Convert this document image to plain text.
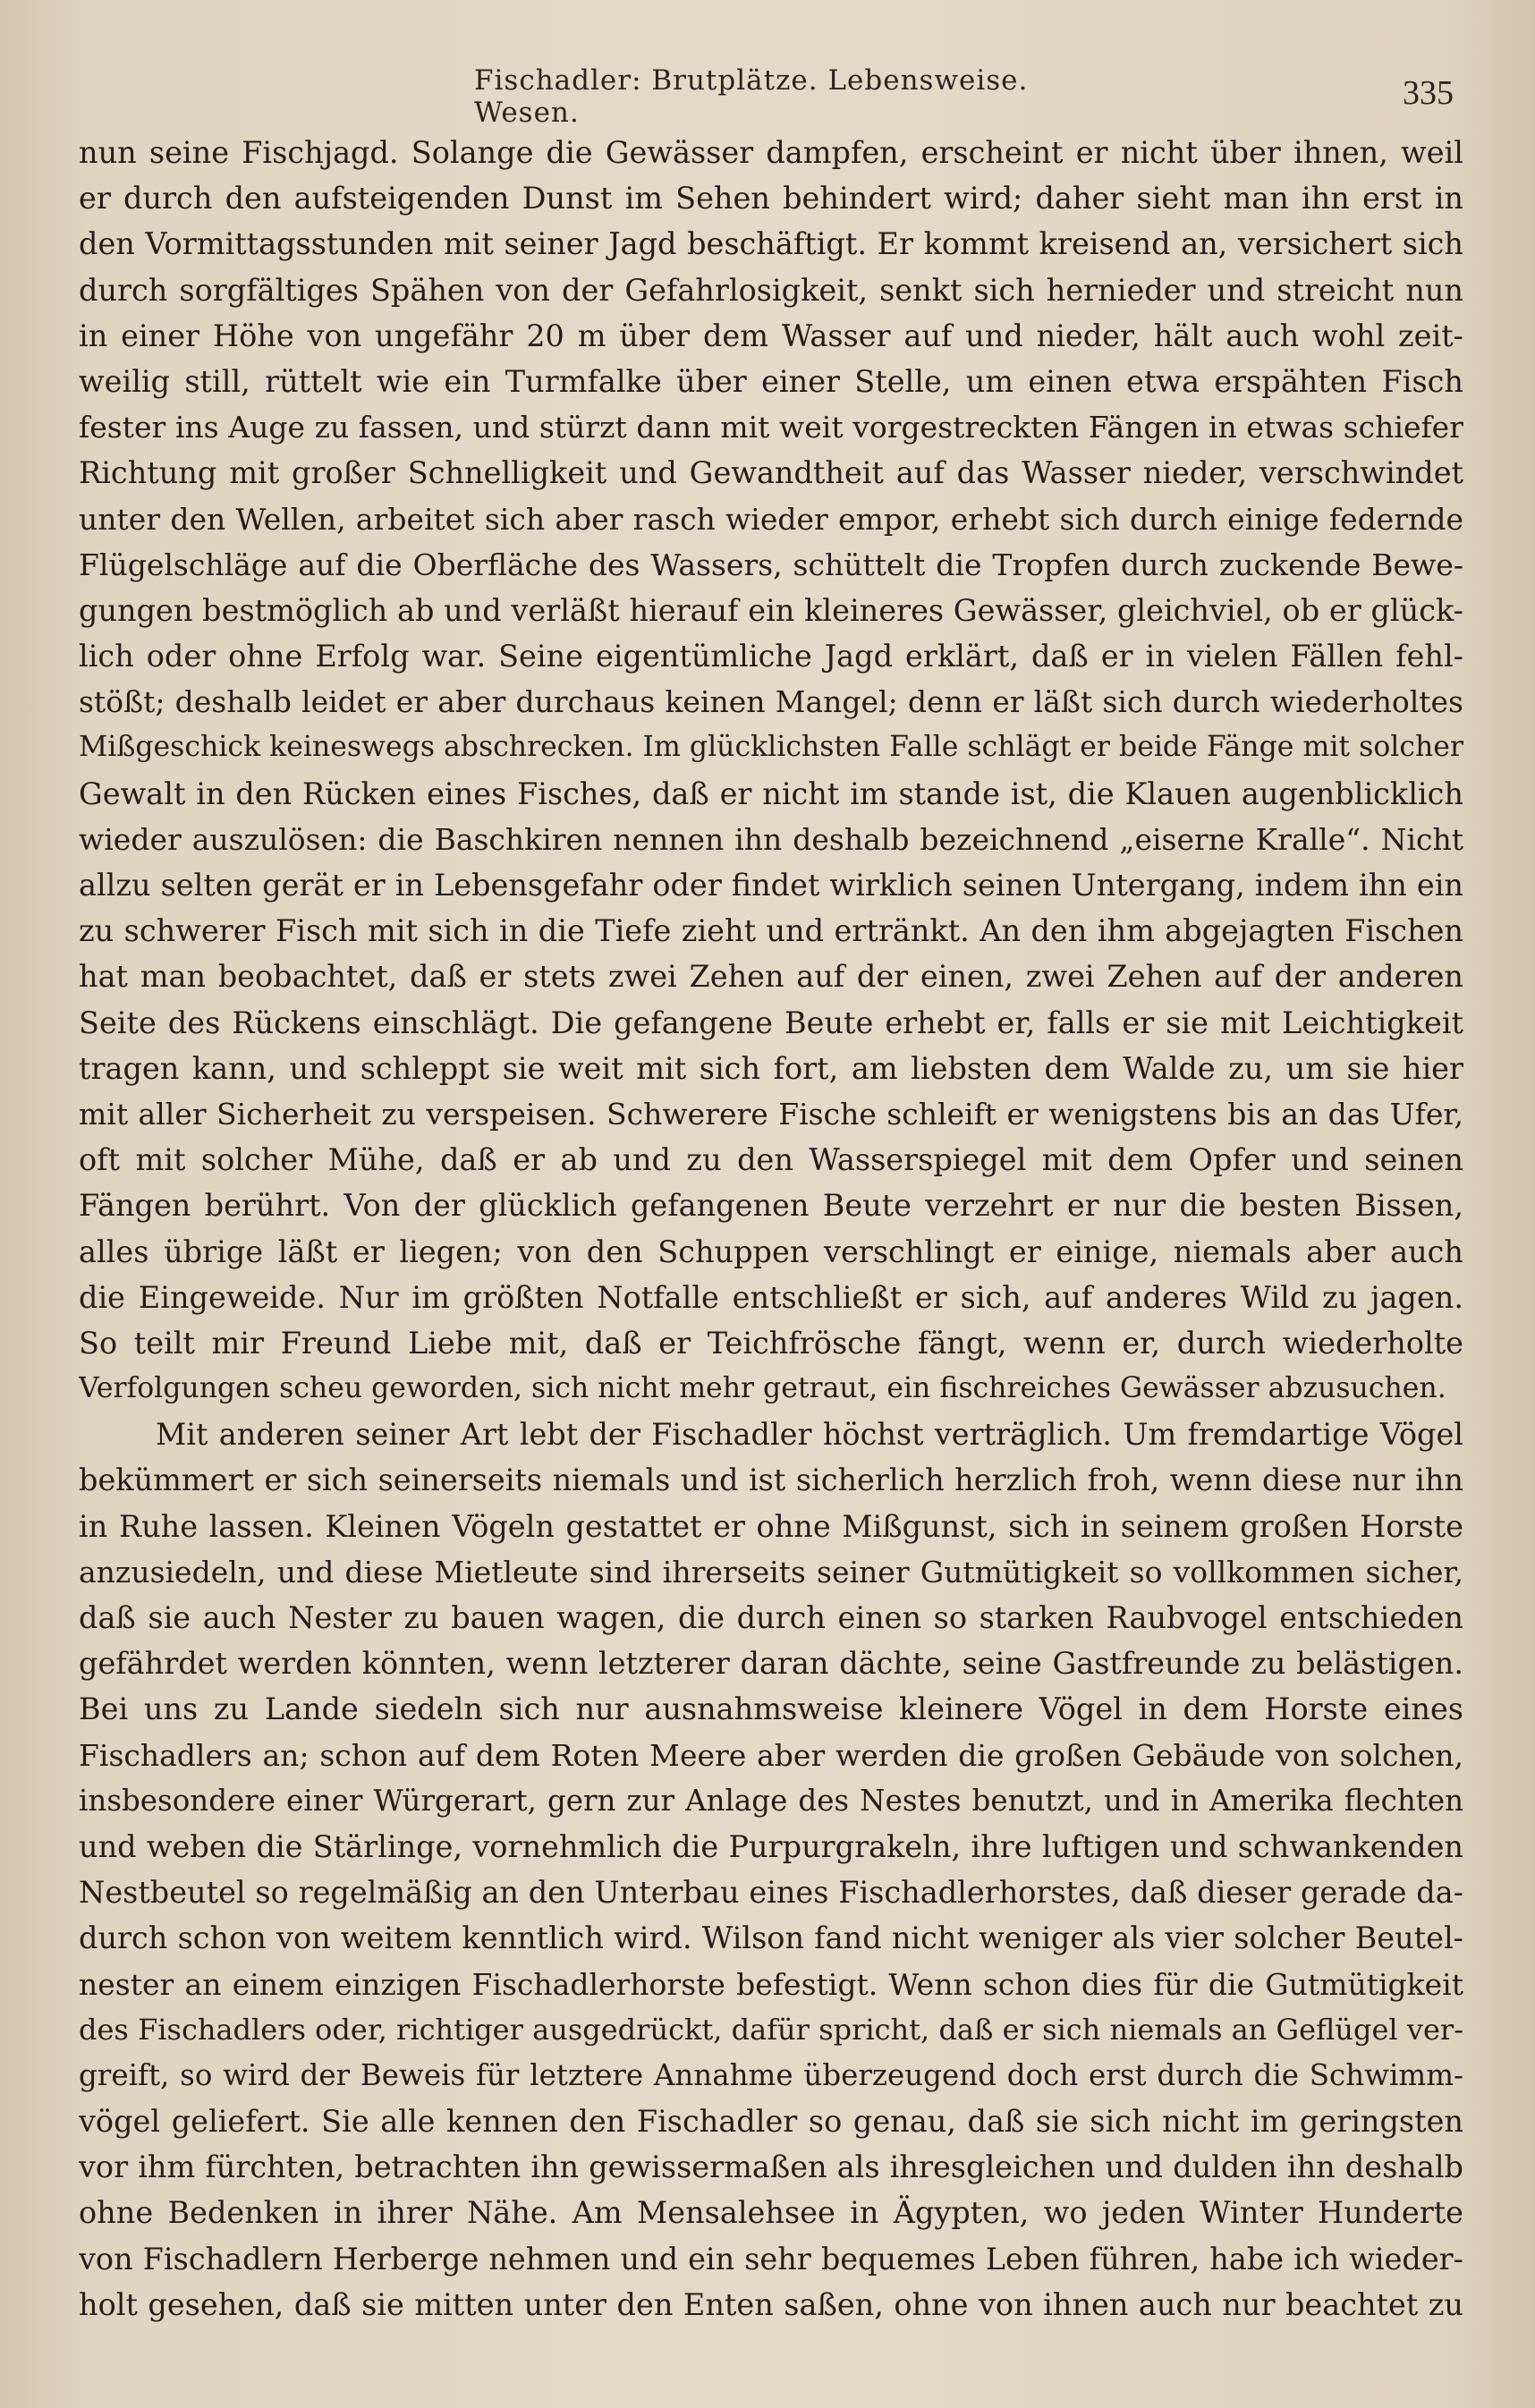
Fischadler: Brutplätze. Lebensweise. Wesen.
335
nun seine Fischjagd. Solange die Gewässer dampfen, erscheint er nicht über ihnen, weil
er durch den aufsteigenden Dunst im Sehen behindert wird; daher sieht man ihn erst in
den Vormittagsstunden mit seiner Jagd beschäftigt. Er kommt kreisend an, versichert sich
durch sorgfältiges Spähen von der Gefahrlosigkeit, senkt sich hernieder und streicht nun
in einer Höhe von ungefähr 20 m über dem Wasser auf und nieder, hält auch wohl zeit-
weilig still, rüttelt wie ein Turmfalke über einer Stelle, um einen etwa erspähten Fisch
fester ins Auge zu fassen, und stürzt dann mit weit vorgestreckten Fängen in etwas schiefer
Richtung mit großer Schnelligkeit und Gewandtheit auf das Wasser nieder, verschwindet
unter den Wellen, arbeitet sich aber rasch wieder empor, erhebt sich durch einige federnde
Flügelschläge auf die Oberfläche des Wassers, schüttelt die Tropfen durch zuckende Bewe-
gungen bestmöglich ab und verläßt hierauf ein kleineres Gewässer, gleichviel, ob er glück-
lich oder ohne Erfolg war. Seine eigentümliche Jagd erklärt, daß er in vielen Fällen fehl-
stößt; deshalb leidet er aber durchaus keinen Mangel; denn er läßt sich durch wiederholtes
Mißgeschick keineswegs abschrecken. Im glücklichsten Falle schlägt er beide Fänge mit solcher
Gewalt in den Rücken eines Fisches, daß er nicht im stande ist, die Klauen augenblicklich
wieder auszulösen: die Baschkiren nennen ihn deshalb bezeichnend „eiserne Kralle“. Nicht
allzu selten gerät er in Lebensgefahr oder findet wirklich seinen Untergang, indem ihn ein
zu schwerer Fisch mit sich in die Tiefe zieht und ertränkt. An den ihm abgejagten Fischen
hat man beobachtet, daß er stets zwei Zehen auf der einen, zwei Zehen auf der anderen
Seite des Rückens einschlägt. Die gefangene Beute erhebt er, falls er sie mit Leichtigkeit
tragen kann, und schleppt sie weit mit sich fort, am liebsten dem Walde zu, um sie hier
mit aller Sicherheit zu verspeisen. Schwerere Fische schleift er wenigstens bis an das Ufer,
oft mit solcher Mühe, daß er ab und zu den Wasserspiegel mit dem Opfer und seinen
Fängen berührt. Von der glücklich gefangenen Beute verzehrt er nur die besten Bissen,
alles übrige läßt er liegen; von den Schuppen verschlingt er einige, niemals aber auch
die Eingeweide. Nur im größten Notfalle entschließt er sich, auf anderes Wild zu jagen.
So teilt mir Freund Liebe mit, daß er Teichfrösche fängt, wenn er, durch wiederholte
Verfolgungen scheu geworden, sich nicht mehr getraut, ein fischreiches Gewässer abzusuchen.
Mit anderen seiner Art lebt der Fischadler höchst verträglich. Um fremdartige Vögel
bekümmert er sich seinerseits niemals und ist sicherlich herzlich froh, wenn diese nur ihn
in Ruhe lassen. Kleinen Vögeln gestattet er ohne Mißgunst, sich in seinem großen Horste
anzusiedeln, und diese Mietleute sind ihrerseits seiner Gutmütigkeit so vollkommen sicher,
daß sie auch Nester zu bauen wagen, die durch einen so starken Raubvogel entschieden
gefährdet werden könnten, wenn letzterer daran dächte, seine Gastfreunde zu belästigen.
Bei uns zu Lande siedeln sich nur ausnahmsweise kleinere Vögel in dem Horste eines
Fischadlers an; schon auf dem Roten Meere aber werden die großen Gebäude von solchen,
insbesondere einer Würgerart, gern zur Anlage des Nestes benutzt, und in Amerika flechten
und weben die Stärlinge, vornehmlich die Purpurgrakeln, ihre luftigen und schwankenden
Nestbeutel so regelmäßig an den Unterbau eines Fischadlerhorstes, daß dieser gerade da-
durch schon von weitem kenntlich wird. Wilson fand nicht weniger als vier solcher Beutel-
nester an einem einzigen Fischadlerhorste befestigt. Wenn schon dies für die Gutmütigkeit
des Fischadlers oder, richtiger ausgedrückt, dafür spricht, daß er sich niemals an Geflügel ver-
greift, so wird der Beweis für letztere Annahme überzeugend doch erst durch die Schwimm-
vögel geliefert. Sie alle kennen den Fischadler so genau, daß sie sich nicht im geringsten
vor ihm fürchten, betrachten ihn gewissermaßen als ihresgleichen und dulden ihn deshalb
ohne Bedenken in ihrer Nähe. Am Mensalehsee in Ägypten, wo jeden Winter Hunderte
von Fischadlern Herberge nehmen und ein sehr bequemes Leben führen, habe ich wieder-
holt gesehen, daß sie mitten unter den Enten saßen, ohne von ihnen auch nur beachtet zu
